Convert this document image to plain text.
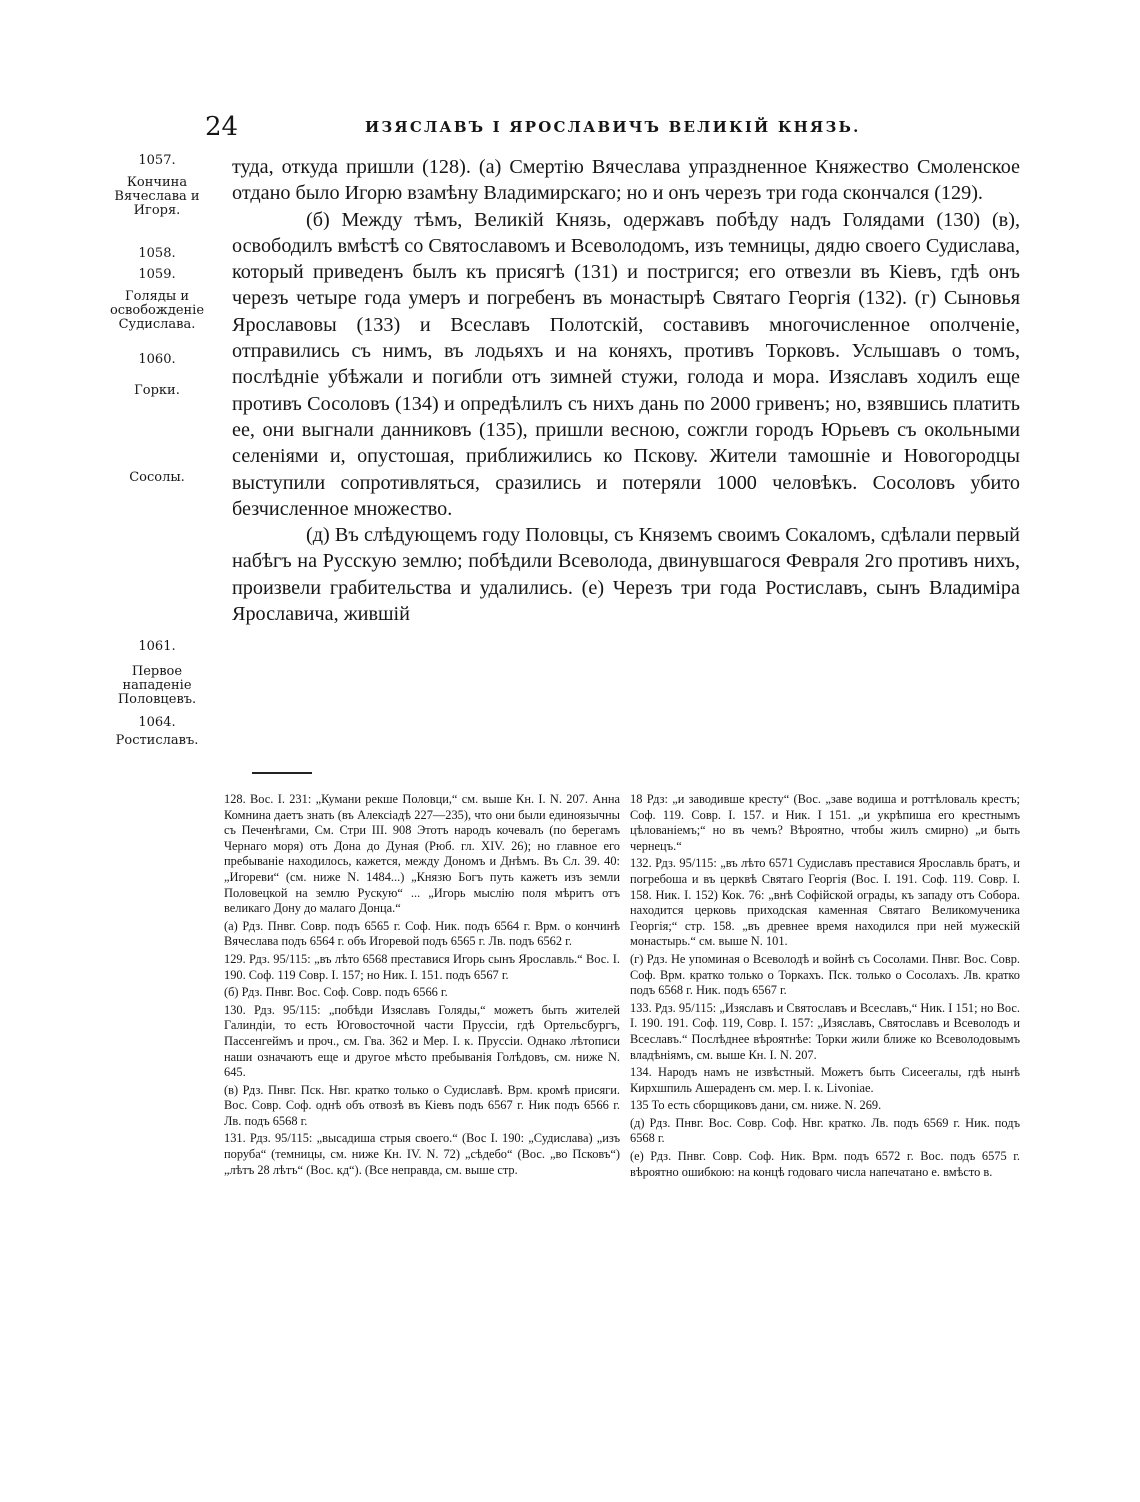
24	ИЗЯСЛАВЪ І ЯРОСЛАВИЧЪ ВЕЛИКІЙ КНЯЗЬ.
1057.
Кончина Вячеслава и Игоря.
1058.
1059.
Голяды и освобожденіе Судислава.
1060.
Горки.
Сосолы.
1061.
Первое нападеніе Половцевъ.
1064.
Ростиславъ.

туда, откуда пришли (128). (а) Смертію Вячеслава упраздненное Княжество Смоленское отдано было Игорю взамѣну Владимирскаго; но и онъ черезъ три года скончался (129).

(б) Между тѣмъ, Великій Князь, одержавъ побѣду надъ Голядами (130) (в), освободилъ вмѣстѣ со Святославомъ и Всеволодомъ, изъ темницы, дядю своего Судислава, который приведенъ былъ къ присягѣ (131) и постригся; его отвезли въ Кіевъ, гдѣ онъ черезъ четыре года умеръ и погребенъ въ монастырѣ Святаго Георгія (132). (г) Сыновья Ярославовы (133) и Всеславъ Полотскій, составивъ многочисленное ополченіе, отправились съ нимъ, въ лодьяхъ и на коняхъ, противъ Торковъ. Услышавъ о томъ, послѣдніе убѣжали и погибли отъ зимней стужи, голода и мора. Изяславъ ходилъ еще противъ Сосоловъ (134) и опредѣлилъ съ нихъ дань по 2000 гривенъ; но, взявшись платить ее, они выгнали данниковъ (135), пришли весною, сожгли городъ Юрьевъ съ окольными селеніями и, опустошая, приближились ко Пскову. Жители тамошніе и Новогородцы выступили сопротивляться, сразились и потеряли 1000 человѣкъ. Сосоловъ убито безчисленное множество.

(д) Въ слѣдующемъ году Половцы, съ Княземъ своимъ Сокаломъ, сдѣлали первый набѣгъ на Русскую землю; побѣдили Всеволода, двинувшагося Февраля 2го противъ нихъ, произвели грабительства и удалились. (е) Черезъ три года Ростиславъ, сынъ Владиміра Ярославича, жившій

128. Вос. I. 231: „Кумани рекше Половци,“ см. выше Кн. I. N. 207. Анна Комнина даетъ знать (въ Алексіадѣ 227—235), что они были единоязычны съ Печенѣгами, См. Стри III. 908 Этотъ народъ кочевалъ (по берегамъ Чернаго моря) отъ Дона до Дуная (Рюб. гл. XIV. 26); но главное его пребываніе находилось, кажется, между Дономъ и Днѣмъ. Въ Сл. 39. 40: „Игореви“ (см. ниже N. 1484...) „Князю Богъ путь кажетъ изъ земли Половецкой на землю Рускую“ ... „Игорь мыслію поля мѣритъ отъ великаго Дону до малаго Донца.“

(а) Рдз. Пнвг. Совр. подъ 6565 г. Соф. Ник. подъ 6564 г. Врм. о кончинѣ Вячеслава подъ 6564 г. объ Игоревой подъ 6565 г. Лв. подъ 6562 г.

129. Рдз. 95/115: „въ лѣто 6568 преставися Игорь сынъ Ярославль.“ Вос. I. 190. Соф. 119 Совр. I. 157; но Ник. I. 151. подъ 6567 г.

(б) Рдз. Пнвг. Вос. Соф. Совр. подъ 6566 г.

130. Рдз. 95/115: „побѣди Изяславъ Голяды,“ можетъ быть жителей Галиндіи, то есть Юговосточной части Пруссіи, гдѣ Ортельсбургъ, Пассенгеймъ и проч., см. Гва. 362 и Мер. I. к. Пруссіи. Однако лѣтописи наши означаютъ еще и другое мѣсто пребыванія Голѣдовъ, см. ниже N. 645.

(в) Рдз. Пнвг. Пск. Нвг. кратко только о Судиславѣ. Врм. кромѣ присяги. Вос. Совр. Соф. однѣ объ отвозѣ въ Кіевъ подъ 6567 г. Ник подъ 6566 г. Лв. подъ 6568 г.

131. Рдз. 95/115: „высадиша стрыя своего.“ (Вос I. 190: „Судислава) „изъ поруба“ (темницы, см. ниже Кн. IV. N. 72) „сѣдебо“ (Вос. „во Псковъ“) „лѣтъ 28 лѣтъ“ (Вос. кд“). (Все неправда, см. выше стр.

18 Рдз: „и заводивше кресту“ (Вос. „заве водиша и роттѣловаль крестъ; Соф. 119. Совр. I. 157. и Ник. I 151. „и укрѣпиша его крестнымъ цѣлованіемъ;“ но въ чемъ? Вѣроятно, чтобы жилъ смирно) „и быть чернецъ.“

132. Рдз. 95/115: „въ лѣто 6571 Судиславъ преставися Ярославль братъ, и погребоша и въ церквѣ Святаго Георгія (Вос. I. 191. Соф. 119. Совр. I. 158. Ник. I. 152) Кок. 76: „внѣ Софійской ограды, къ западу отъ Собора. находится церковь приходская каменная Святаго Великомученика Георгія;“ стр. 158. „въ древнее время находился при ней мужескій монастырь.“ см. выше N. 101.

(г) Рдз. Не упоминая о Всеволодѣ и войнѣ съ Сосолами. Пнвг. Вос. Совр. Соф. Врм. кратко только о Торкахъ. Пск. только о Сосолахъ. Лв. кратко подъ 6568 г. Ник. подъ 6567 г.

133. Рдз. 95/115: „Изяславъ и Святославъ и Всеславъ,“ Ник. I 151; но Вос. I. 190. 191. Соф. 119, Совр. I. 157: „Изяславъ, Святославъ и Всеволодъ и Всеславъ.“ Послѣднее вѣроятнѣе: Торки жили ближе ко Всеволодовымъ владѣніямъ, см. выше Кн. I. N. 207.

134. Народъ намъ не извѣстный. Можетъ быть Сисеегалы, гдѣ нынѣ Кирхшпиль Ашераденъ см. мер. I. к. Livoniae.

135 То есть сборщиковъ дани, см. ниже. N. 269.

(д) Рдз. Пнвг. Вос. Совр. Соф. Нвг. кратко. Лв. подъ 6569 г. Ник. подъ 6568 г.

(е) Рдз. Пнвг. Совр. Соф. Ник. Врм. подъ 6572 г. Вос. подъ 6575 г. вѣроятно ошибкою: на концѣ годоваго числа напечатано е. вмѣсто в.
